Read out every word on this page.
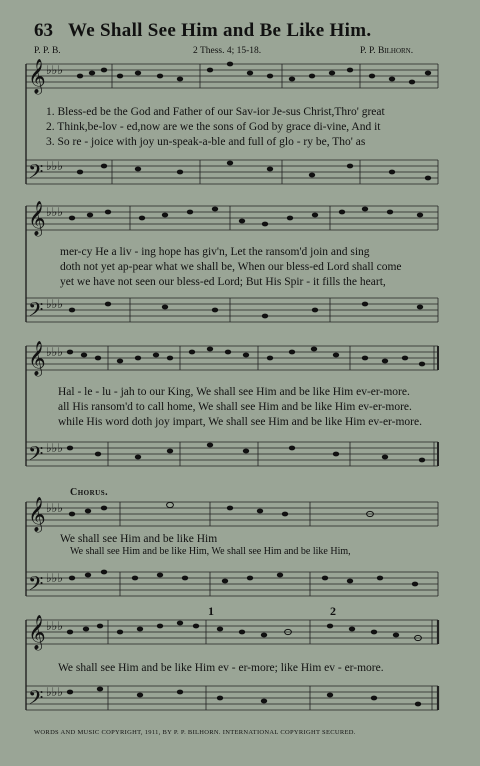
63 We Shall See Him and Be Like Him.
P. P. B.	2 Thess. 4; 15-18.	P. P. Bilhorn.
𝄞
𝄢
♭♭♭
♭♭♭
1. Bless-ed be the God and Father of our Sav-ior Je-sus Christ,Thro' great
2. Think,be-lov - ed,now are we the sons of God by grace di-vine, And it
3. So re - joice with joy un-speak-a-ble and full of glo - ry be, Tho' as
𝄞
𝄢
♭♭♭
♭♭♭
mer-cy He a liv - ing hope has giv'n, Let the ransom'd join and sing
doth not yet ap-pear what we shall be, When our bless-ed Lord shall come
yet we have not seen our bless-ed Lord; But His Spir - it fills the heart,
𝄞
𝄢
♭♭♭
♭♭♭
Hal - le - lu - jah to our King, We shall see Him and be like Him ev-er-more.
all His ransom'd to call home, We shall see Him and be like Him ev-er-more.
while His word doth joy impart, We shall see Him and be like Him ev-er-more.
Chorus.
𝄞
𝄢
♭♭♭
♭♭♭
We shall see Him and be like Him
We shall see Him and be like Him, We shall see Him and be like Him,
1	2
𝄞
𝄢
♭♭♭
♭♭♭
We shall see Him and be like Him ev - er-more; like Him ev - er-more.
WORDS AND MUSIC COPYRIGHT, 1911, BY P. P. BILHORN. INTERNATIONAL COPYRIGHT SECURED.
